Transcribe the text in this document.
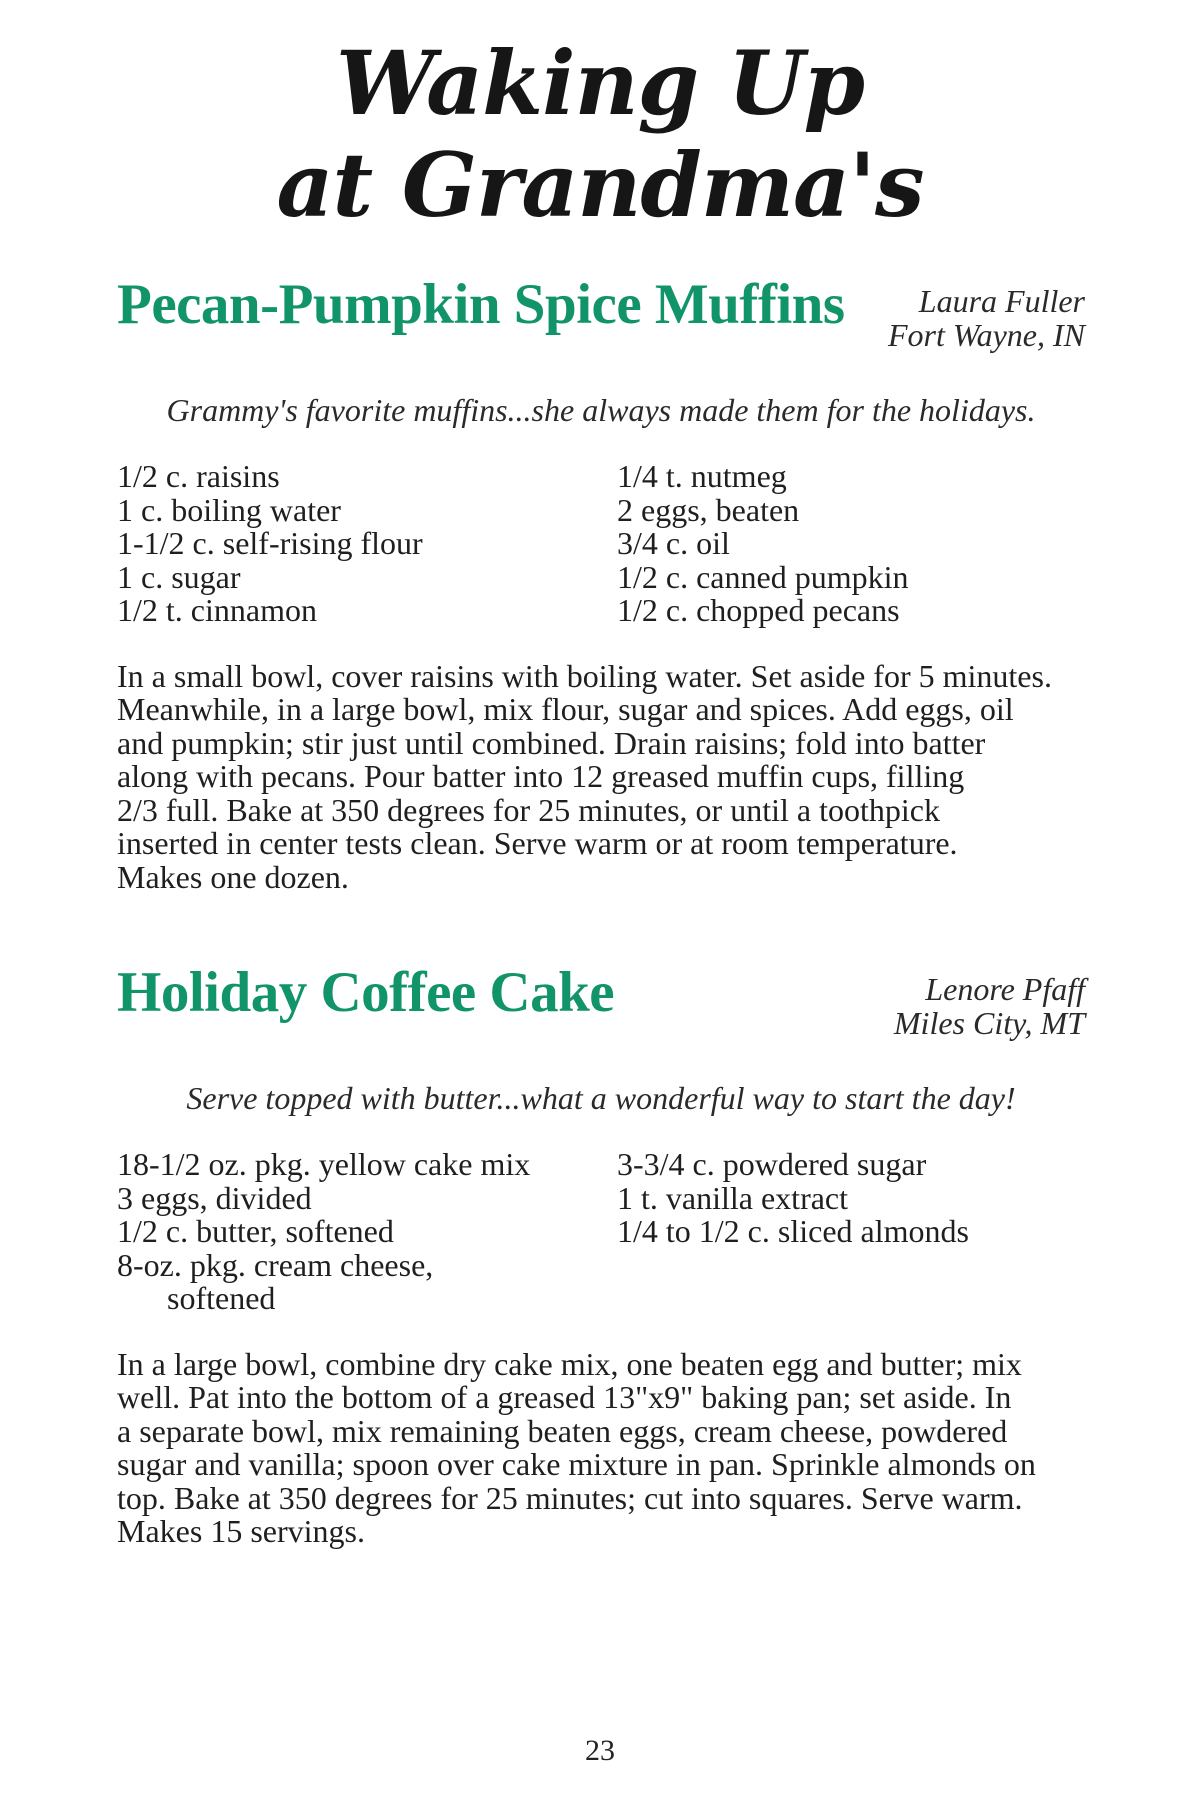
Waking Up
at Grandma's
Pecan-Pumpkin Spice Muffins	Laura Fuller
Fort Wayne, IN

Grammy's favorite muffins...she always made them for the holidays.

1/2 c. raisins
1 c. boiling water
1-1/2 c. self-rising flour
1 c. sugar
1/2 t. cinnamon
1/4 t. nutmeg
2 eggs, beaten
3/4 c. oil
1/2 c. canned pumpkin
1/2 c. chopped pecans

In a small bowl, cover raisins with boiling water. Set aside for 5 minutes.
Meanwhile, in a large bowl, mix flour, sugar and spices. Add eggs, oil
and pumpkin; stir just until combined. Drain raisins; fold into batter
along with pecans. Pour batter into 12 greased muffin cups, filling
2/3 full. Bake at 350 degrees for 25 minutes, or until a toothpick
inserted in center tests clean. Serve warm or at room temperature.
Makes one dozen.

Holiday Coffee Cake	Lenore Pfaff
Miles City, MT

Serve topped with butter...what a wonderful way to start the day!

18-1/2 oz. pkg. yellow cake mix
3 eggs, divided
1/2 c. butter, softened
8-oz. pkg. cream cheese,
softened
3-3/4 c. powdered sugar
1 t. vanilla extract
1/4 to 1/2 c. sliced almonds

In a large bowl, combine dry cake mix, one beaten egg and butter; mix
well. Pat into the bottom of a greased 13"x9" baking pan; set aside. In
a separate bowl, mix remaining beaten eggs, cream cheese, powdered
sugar and vanilla; spoon over cake mixture in pan. Sprinkle almonds on
top. Bake at 350 degrees for 25 minutes; cut into squares. Serve warm.
Makes 15 servings.

23
